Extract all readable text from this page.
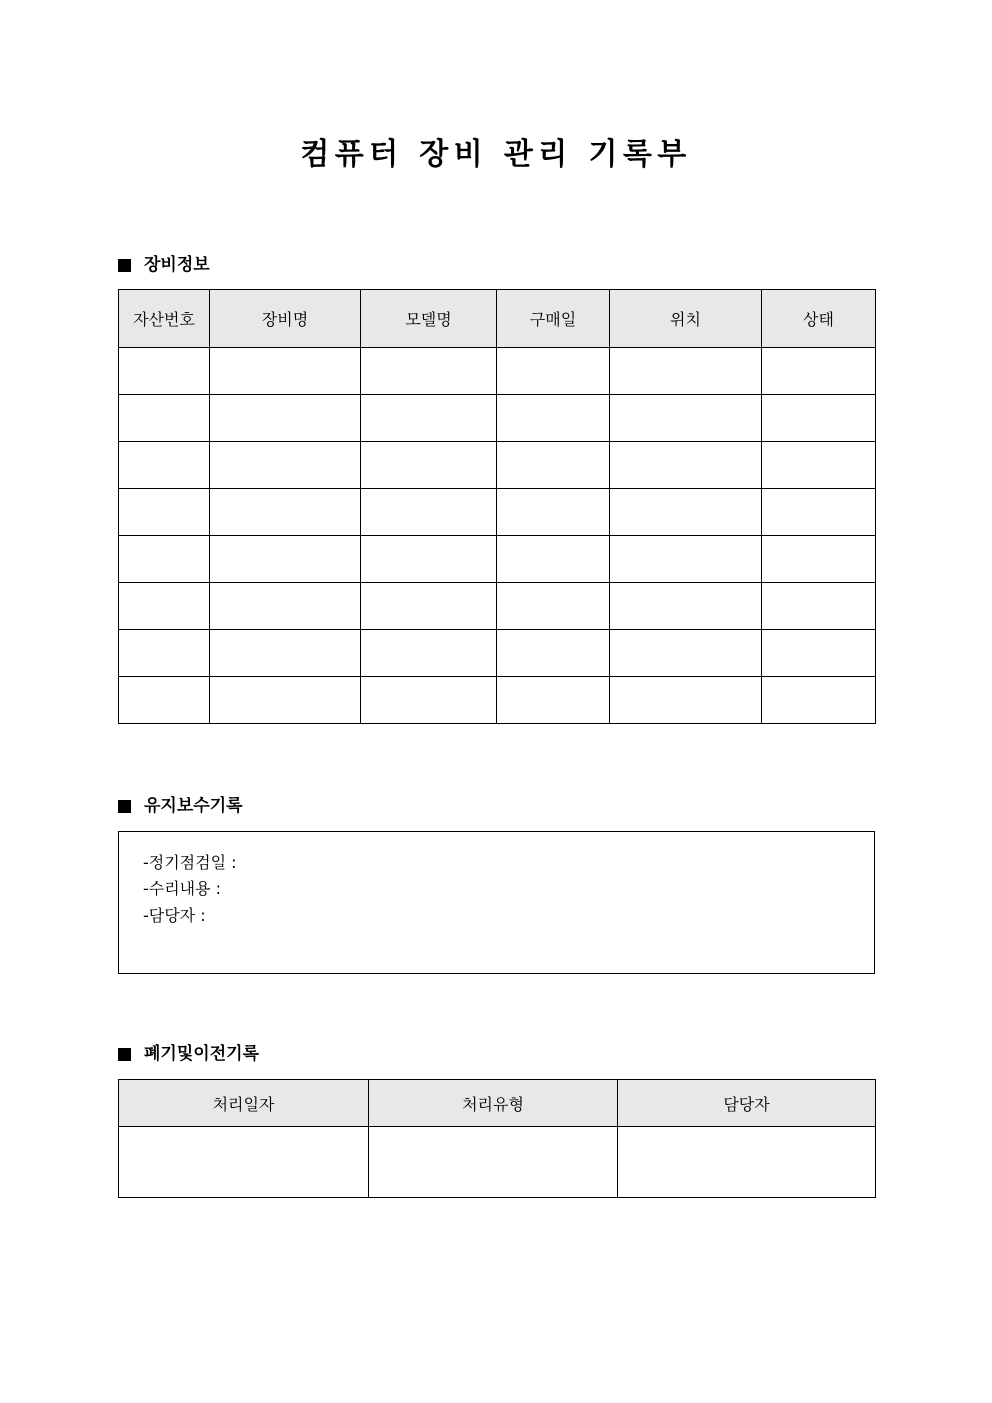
컴퓨터 장비 관리 기록부
장비정보
자산번호	장비명	모델명	구매일	위치	상태

유지보수기록
-정기점검일 :
-수리내용 :
-담당자 :
폐기및이전기록
처리일자	처리유형	담당자
